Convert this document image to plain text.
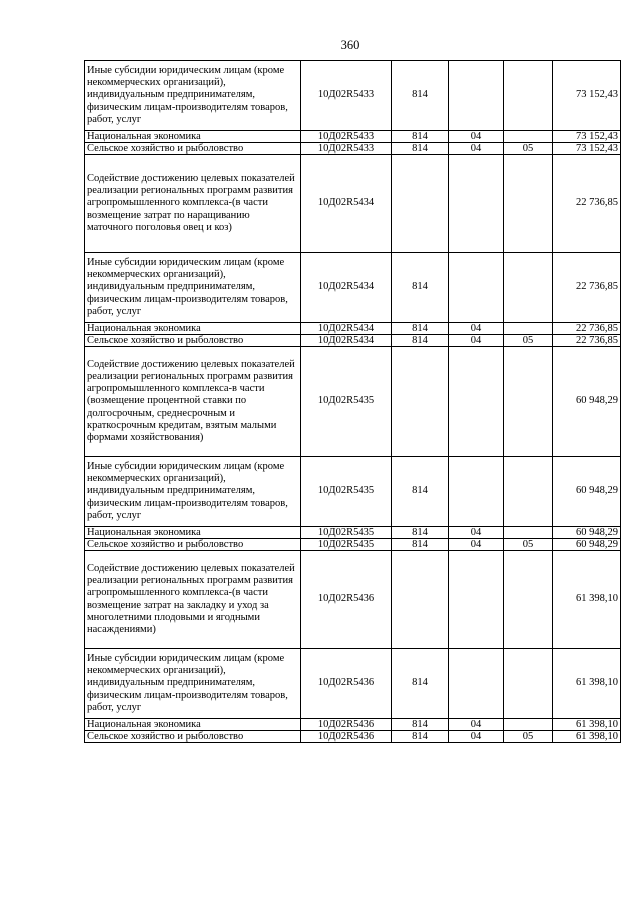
360
Иные субсидии юридическим лицам (кроме некоммерческих организаций), индивидуальным предпринимателям, физическим лицам-производителям товаров, работ, услуг	10Д02R5433	814			73 152,43
Национальная экономика	10Д02R5433	814	04		73 152,43
Сельское хозяйство и рыболовство	10Д02R5433	814	04	05	73 152,43
Содействие достижению целевых показателей реализации региональных программ развития агропромышленного комплекса-(в части возмещение затрат по наращиванию маточного поголовья овец и коз)	10Д02R5434				22 736,85
Иные субсидии юридическим лицам (кроме некоммерческих организаций), индивидуальным предпринимателям, физическим лицам-производителям товаров, работ, услуг	10Д02R5434	814			22 736,85
Национальная экономика	10Д02R5434	814	04		22 736,85
Сельское хозяйство и рыболовство	10Д02R5434	814	04	05	22 736,85
Содействие достижению целевых показателей реализации региональных программ развития агропромышленного комплекса-в части (возмещение процентной ставки по долгосрочным, среднесрочным и краткосрочным кредитам, взятым малыми формами хозяйствования)	10Д02R5435				60 948,29
Иные субсидии юридическим лицам (кроме некоммерческих организаций), индивидуальным предпринимателям, физическим лицам-производителям товаров, работ, услуг	10Д02R5435	814			60 948,29
Национальная экономика	10Д02R5435	814	04		60 948,29
Сельское хозяйство и рыболовство	10Д02R5435	814	04	05	60 948,29
Содействие достижению целевых показателей реализации региональных программ развития агропромышленного комплекса-(в части возмещение затрат на закладку и уход за многолетними плодовыми и ягодными насаждениями)	10Д02R5436				61 398,10
Иные субсидии юридическим лицам (кроме некоммерческих организаций), индивидуальным предпринимателям, физическим лицам-производителям товаров, работ, услуг	10Д02R5436	814			61 398,10
Национальная экономика	10Д02R5436	814	04		61 398,10
Сельское хозяйство и рыболовство	10Д02R5436	814	04	05	61 398,10
